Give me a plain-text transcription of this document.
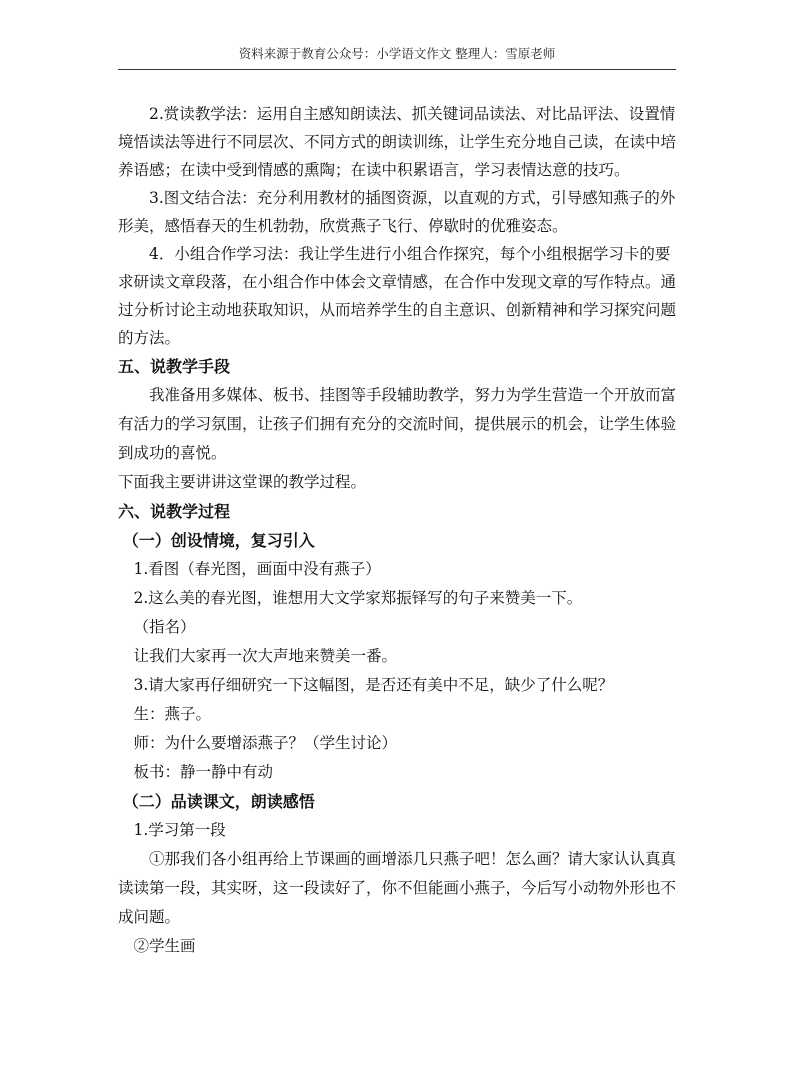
资料来源于教育公众号：小学语文作文 整理人：雪原老师

2.赏读教学法：运用自主感知朗读法、抓关键词品读法、对比品评法、设置情境悟读法等进行不同层次、不同方式的朗读训练，让学生充分地自己读，在读中培养语感；在读中受到情感的熏陶；在读中积累语言，学习表情达意的技巧。

3.图文结合法：充分利用教材的插图资源，以直观的方式，引导感知燕子的外形美，感悟春天的生机勃勃，欣赏燕子飞行、停歇时的优雅姿态。

4．小组合作学习法：我让学生进行小组合作探究，每个小组根据学习卡的要求研读文章段落，在小组合作中体会文章情感，在合作中发现文章的写作特点。通过分析讨论主动地获取知识，从而培养学生的自主意识、创新精神和学习探究问题的方法。

五、说教学手段

我准备用多媒体、板书、挂图等手段辅助教学，努力为学生营造一个开放而富有活力的学习氛围，让孩子们拥有充分的交流时间，提供展示的机会，让学生体验到成功的喜悦。

下面我主要讲讲这堂课的教学过程。

六、说教学过程

（一）创设情境，复习引入

1.看图（春光图，画面中没有燕子）

2.这么美的春光图，谁想用大文学家郑振铎写的句子来赞美一下。

（指名）

让我们大家再一次大声地来赞美一番。

3.请大家再仔细研究一下这幅图，是否还有美中不足，缺少了什么呢？

生：燕子。

师：为什么要增添燕子？（学生讨论）

板书：静一静中有动

（二）品读课文，朗读感悟

1.学习第一段

①那我们各小组再给上节课画的画增添几只燕子吧！怎么画？请大家认认真真读读第一段，其实呀，这一段读好了，你不但能画小燕子，今后写小动物外形也不成问题。

②学生画
